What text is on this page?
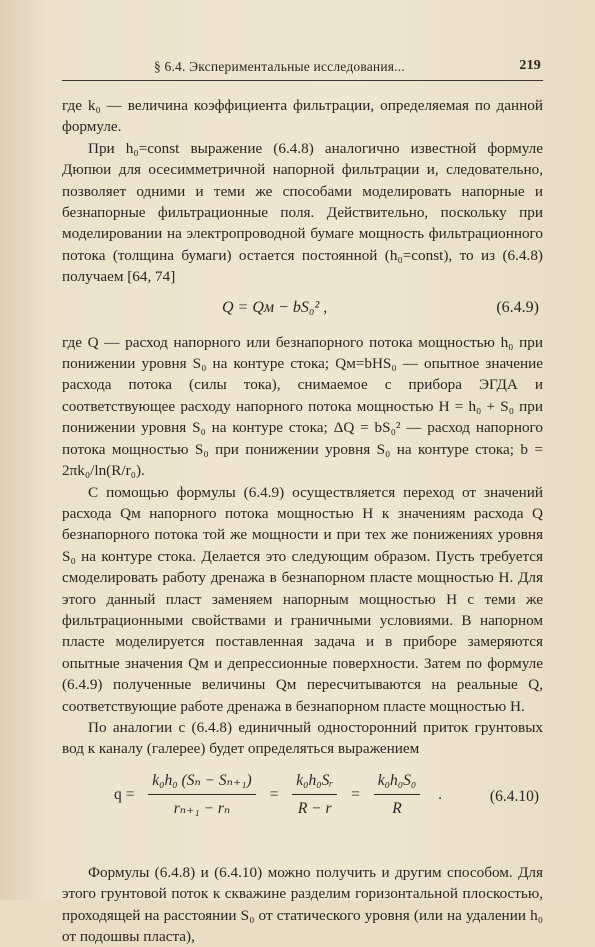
§ 6.4. Экспериментальные исследования...	219

где k₀ — величина коэффициента фильтрации, определяемая по данной формуле.

При h₀=const выражение (6.4.8) аналогично известной формуле Дюпюи для осесимметричной напорной фильтрации и, следовательно, позволяет одними и теми же способами моделировать напорные и безнапорные фильтрационные поля. Действительно, поскольку при моделировании на электропроводной бумаге мощность фильтрационного потока (толщина бумаги) остается постоянной (h₀=const), то из (6.4.8) получаем [64, 74]

Q = Qм − bS₀² ,	(6.4.9)

где Q — расход напорного или безнапорного потока мощностью h₀ при понижении уровня S₀ на контуре стока; Qм=bHS₀ — опытное значение расхода потока (силы тока), снимаемое с прибора ЭГДА и соответствующее расходу напорного потока мощностью H = h₀ + S₀ при понижении уровня S₀ на контуре стока; ΔQ = bS₀² — расход напорного потока мощностью S₀ при понижении уровня S₀ на контуре стока; b = 2πk₀/ln(R/r₀).

С помощью формулы (6.4.9) осуществляется переход от значений расхода Qм напорного потока мощностью H к значениям расхода Q безнапорного потока той же мощности и при тех же понижениях уровня S₀ на контуре стока. Делается это следующим образом. Пусть требуется смоделировать работу дренажа в безнапорном пласте мощностью H. Для этого данный пласт заменяем напорным мощностью H с теми же фильтрационными свойствами и граничными условиями. В напорном пласте моделируется поставленная задача и в приборе замеряются опытные значения Qм и депрессионные поверхности. Затем по формуле (6.4.9) полученные величины Qм пересчитываются на реальные Q, соответствующие работе дренажа в безнапорном пласте мощностью H.

По аналогии с (6.4.8) единичный односторонний приток грунтовых вод к каналу (галерее) будет определяться выражением

$q = \frac{\text{k₀h₀ (Sₙ − Sₙ₊₁)}}{\text{rₙ₊₁ − rₙ}} = \frac{\text{k₀h₀Sᵣ}}{R - r} = \frac{\text{k₀h₀S₀}}{R}$ .	(6.4.10)

Формулы (6.4.8) и (6.4.10) можно получить и другим способом. Для этого грунтовой поток к скважине разделим горизонтальной плоскостью, проходящей на расстоянии S₀ от статического уровня (или на удалении h₀ от подошвы пласта),
